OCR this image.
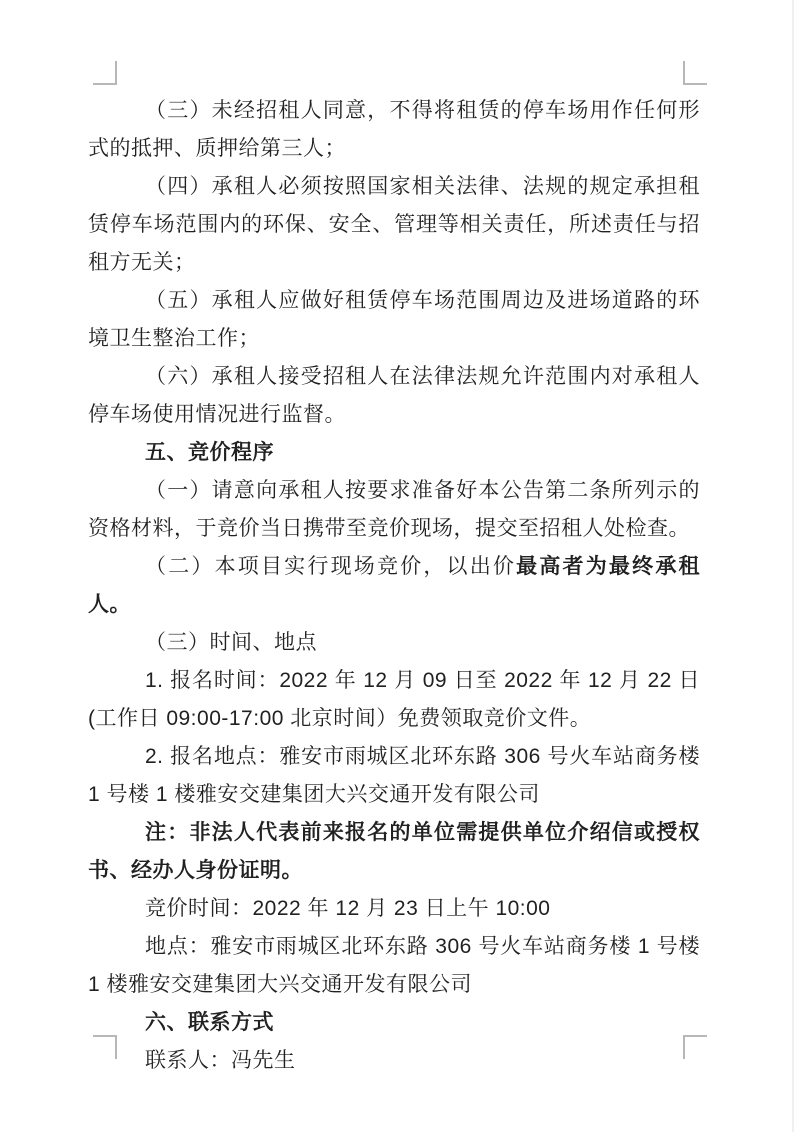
（三）未经招租人同意，不得将租赁的停车场用作任何形式的抵押、质押给第三人；

（四）承租人必须按照国家相关法律、法规的规定承担租赁停车场范围内的环保、安全、管理等相关责任，所述责任与招租方无关；

（五）承租人应做好租赁停车场范围周边及进场道路的环境卫生整治工作；

（六）承租人接受招租人在法律法规允许范围内对承租人停车场使用情况进行监督。

五、竞价程序

（一）请意向承租人按要求准备好本公告第二条所列示的资格材料，于竞价当日携带至竞价现场，提交至招租人处检查。

（二）本项目实行现场竞价，以出价最高者为最终承租人。

（三）时间、地点

1. 报名时间：2022 年 12 月 09 日至 2022 年 12 月 22 日(工作日 09:00-17:00 北京时间）免费领取竞价文件。

2. 报名地点：雅安市雨城区北环东路 306 号火车站商务楼 1 号楼 1 楼雅安交建集团大兴交通开发有限公司

注：非法人代表前来报名的单位需提供单位介绍信或授权书、经办人身份证明。

竞价时间：2022 年 12 月 23 日上午 10:00

地点：雅安市雨城区北环东路 306 号火车站商务楼 1 号楼 1 楼雅安交建集团大兴交通开发有限公司

六、联系方式

联系人：冯先生
